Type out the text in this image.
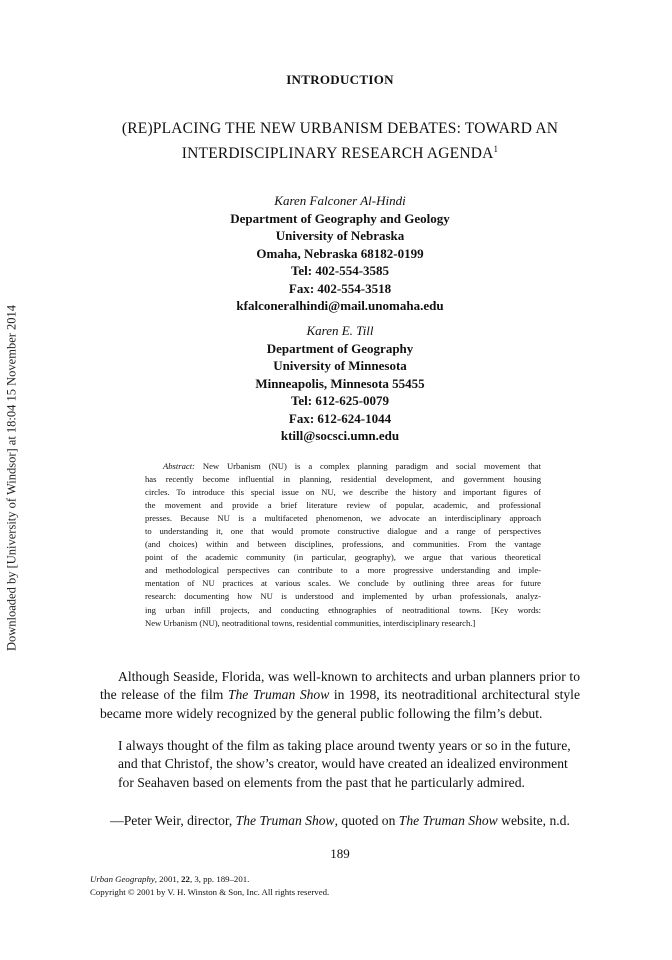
Downloaded by [University of Windsor] at 18:04 15 November 2014
INTRODUCTION
(RE)PLACING THE NEW URBANISM DEBATES: TOWARD AN
INTERDISCIPLINARY RESEARCH AGENDA$^1$
Karen Falconer Al-Hindi
Department of Geography and Geology
University of Nebraska
Omaha, Nebraska 68182-0199
Tel: 402-554-3585
Fax: 402-554-3518
kfalconeralhindi@mail.unomaha.edu
Karen E. Till
Department of Geography
University of Minnesota
Minneapolis, Minnesota 55455
Tel: 612-625-0079
Fax: 612-624-1044
ktill@socsci.umn.edu
Abstract: New Urbanism (NU) is a complex planning paradigm and social movement that
has recently become influential in planning, residential development, and government housing
circles. To introduce this special issue on NU, we describe the history and important figures of
the movement and provide a brief literature review of popular, academic, and professional
presses. Because NU is a multifaceted phenomenon, we advocate an interdisciplinary approach
to understanding it, one that would promote constructive dialogue and a range of perspectives
(and choices) within and between disciplines, professions, and communities. From the vantage
point of the academic community (in particular, geography), we argue that various theoretical
and methodological perspectives can contribute to a more progressive understanding and imple-
mentation of NU practices at various scales. We conclude by outlining three areas for future
research: documenting how NU is understood and implemented by urban professionals, analyz-
ing urban infill projects, and conducting ethnographies of neotraditional towns. [Key words:
New Urbanism (NU), neotraditional towns, residential communities, interdisciplinary research.]
Although Seaside, Florida, was well-known to architects and urban planners prior to
the release of the film The Truman Show in 1998, its neotraditional architectural style
became more widely recognized by the general public following the film’s debut.
I always thought of the film as taking place around twenty years or so in the future,
and that Christof, the show’s creator, would have created an idealized environment
for Seahaven based on elements from the past that he particularly admired.
—Peter Weir, director, The Truman Show, quoted on The Truman Show website, n.d.
189
Urban Geography, 2001, 22, 3, pp. 189–201.
Copyright © 2001 by V. H. Winston & Son, Inc. All rights reserved.
